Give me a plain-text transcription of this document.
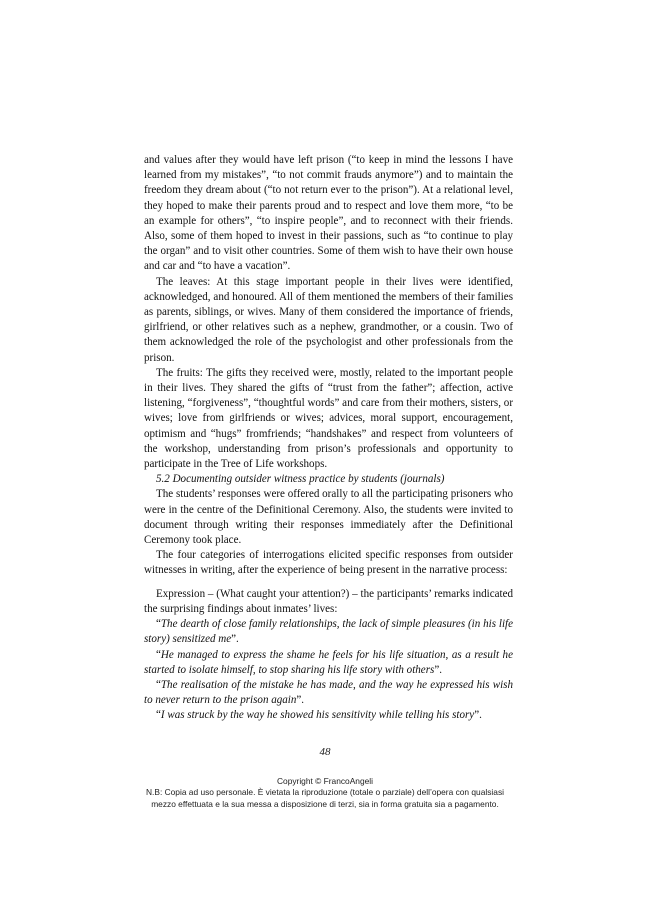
and values after they would have left prison (“to keep in mind the lessons I have learned from my mistakes”, “to not commit frauds anymore”) and to maintain the freedom they dream about (“to not return ever to the prison”). At a relational level, they hoped to make their parents proud and to respect and love them more, “to be an example for others”, “to inspire people”, and to reconnect with their friends. Also, some of them hoped to invest in their passions, such as “to continue to play the organ” and to visit other countries. Some of them wish to have their own house and car and “to have a vacation”.

The leaves: At this stage important people in their lives were identified, acknowledged, and honoured. All of them mentioned the members of their families as parents, siblings, or wives. Many of them considered the importance of friends, girlfriend, or other relatives such as a nephew, grandmother, or a cousin. Two of them acknowledged the role of the psychologist and other professionals from the prison.

The fruits: The gifts they received were, mostly, related to the important people in their lives. They shared the gifts of “trust from the father”; affection, active listening, “forgiveness”, “thoughtful words” and care from their mothers, sisters, or wives; love from girlfriends or wives; advices, moral support, encouragement, optimism and “hugs” fromfriends; “handshakes” and respect from volunteers of the workshop, understanding from prison’s professionals and opportunity to participate in the Tree of Life workshops.

5.2 Documenting outsider witness practice by students (journals)

The students’ responses were offered orally to all the participating prisoners who were in the centre of the Definitional Ceremony. Also, the students were invited to document through writing their responses immediately after the Definitional Ceremony took place.

The four categories of interrogations elicited specific responses from outsider witnesses in writing, after the experience of being present in the narrative process:

Expression – (What caught your attention?) – the participants’ remarks indicated the surprising findings about inmates’ lives:

“The dearth of close family relationships, the lack of simple pleasures (in his life story) sensitized me”.

“He managed to express the shame he feels for his life situation, as a result he started to isolate himself, to stop sharing his life story with others”.

“The realisation of the mistake he has made, and the way he expressed his wish to never return to the prison again”.

“I was struck by the way he showed his sensitivity while telling his story”.

48
Copyright © FrancoAngeli
N.B: Copia ad uso personale. È vietata la riproduzione (totale o parziale) dell’opera con qualsiasi
mezzo effettuata e la sua messa a disposizione di terzi, sia in forma gratuita sia a pagamento.
